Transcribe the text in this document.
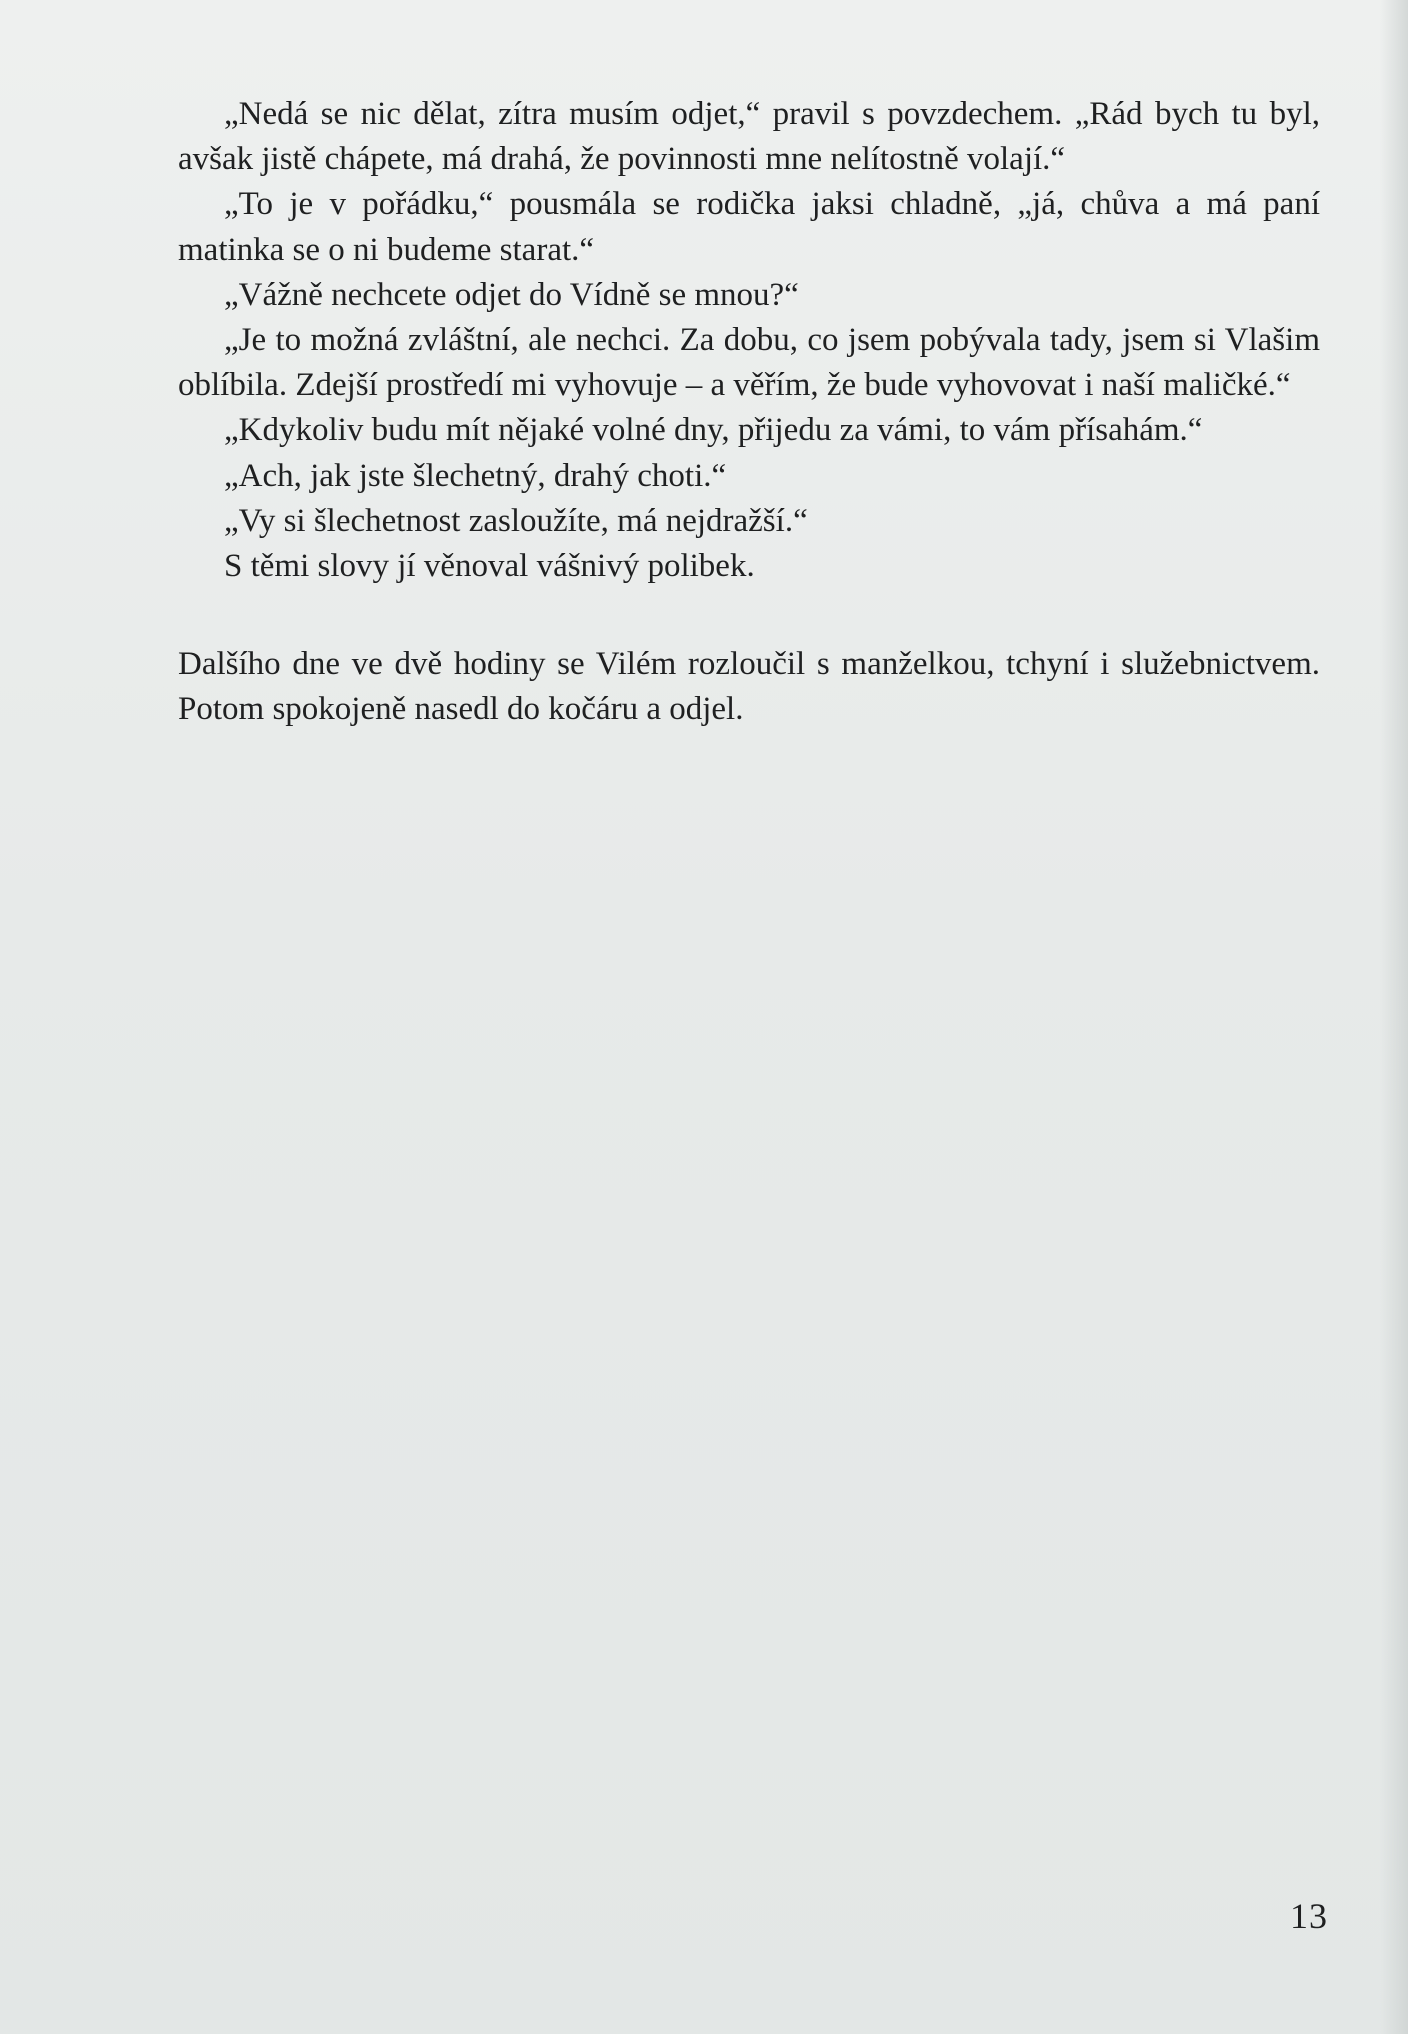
„Nedá se nic dělat, zítra musím odjet,“ pravil s povzdechem. „Rád bych tu byl, avšak jistě chápete, má drahá, že povinnosti mne nelítostně volají.“

„To je v pořádku,“ pousmála se rodička jaksi chladně, „já, chůva a má paní matinka se o ni budeme starat.“

„Vážně nechcete odjet do Vídně se mnou?“

„Je to možná zvláštní, ale nechci. Za dobu, co jsem pobývala tady, jsem si Vlašim oblíbila. Zdejší prostředí mi vyhovuje – a věřím, že bude vyhovovat i naší maličké.“

„Kdykoliv budu mít nějaké volné dny, přijedu za vámi, to vám přísahám.“

„Ach, jak jste šlechetný, drahý choti.“

„Vy si šlechetnost zasloužíte, má nejdražší.“

S těmi slovy jí věnoval vášnivý polibek.

Dalšího dne ve dvě hodiny se Vilém rozloučil s manželkou, tchyní i služebnictvem. Potom spokojeně nasedl do kočáru a odjel.

13
